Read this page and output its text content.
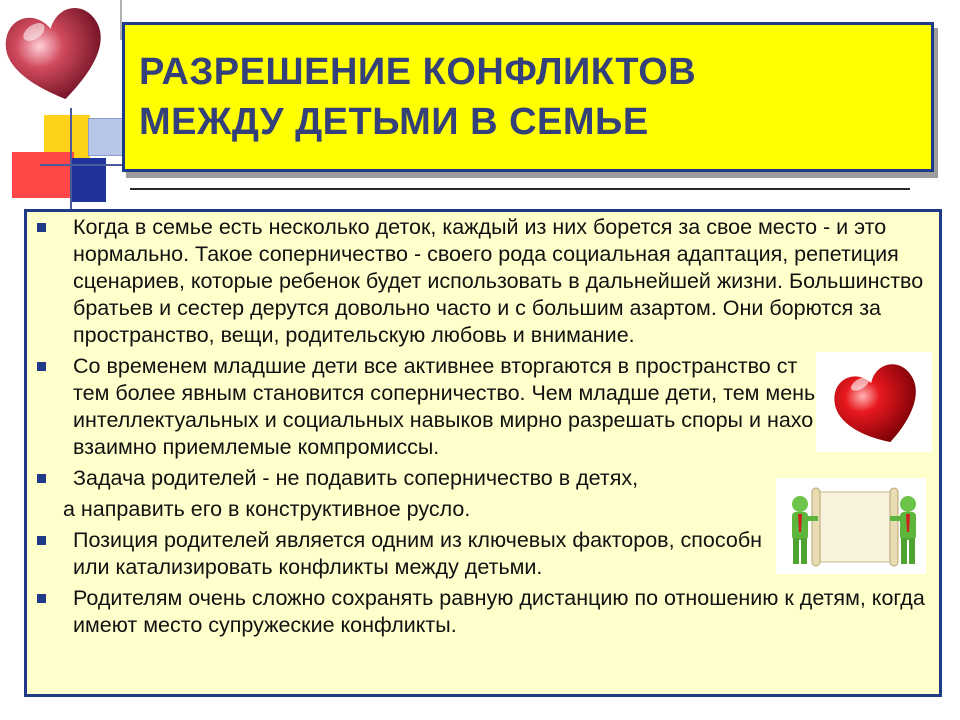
РАЗРЕШЕНИЕ КОНФЛИКТОВ
МЕЖДУ ДЕТЬМИ В СЕМЬЕ
Когда в семье есть несколько деток, каждый из них борется за свое место - и это нормально. Такое соперничество - своего рода социальная адаптация, репетиция сценариев, которые ребенок будет использовать в дальнейшей жизни. Большинство братьев и сестер дерутся довольно часто и с большим азартом. Они борются за пространство, вещи, родительскую любовь и внимание.
Со временем младшие дети все активнее вторгаются в пространство ст тем более явным становится соперничество. Чем младше дети, тем мень интеллектуальных и социальных навыков мирно разрешать споры и нахо взаимно приемлемые компромиссы.
Задача родителей - не подавить соперничество в детях,
а направить его в конструктивное русло.
Позиция родителей является одним из ключевых факторов, способн или катализировать конфликты между детьми.
Родителям очень сложно сохранять равную дистанцию по отношению к детям, когда имеют место супружеские конфликты.
